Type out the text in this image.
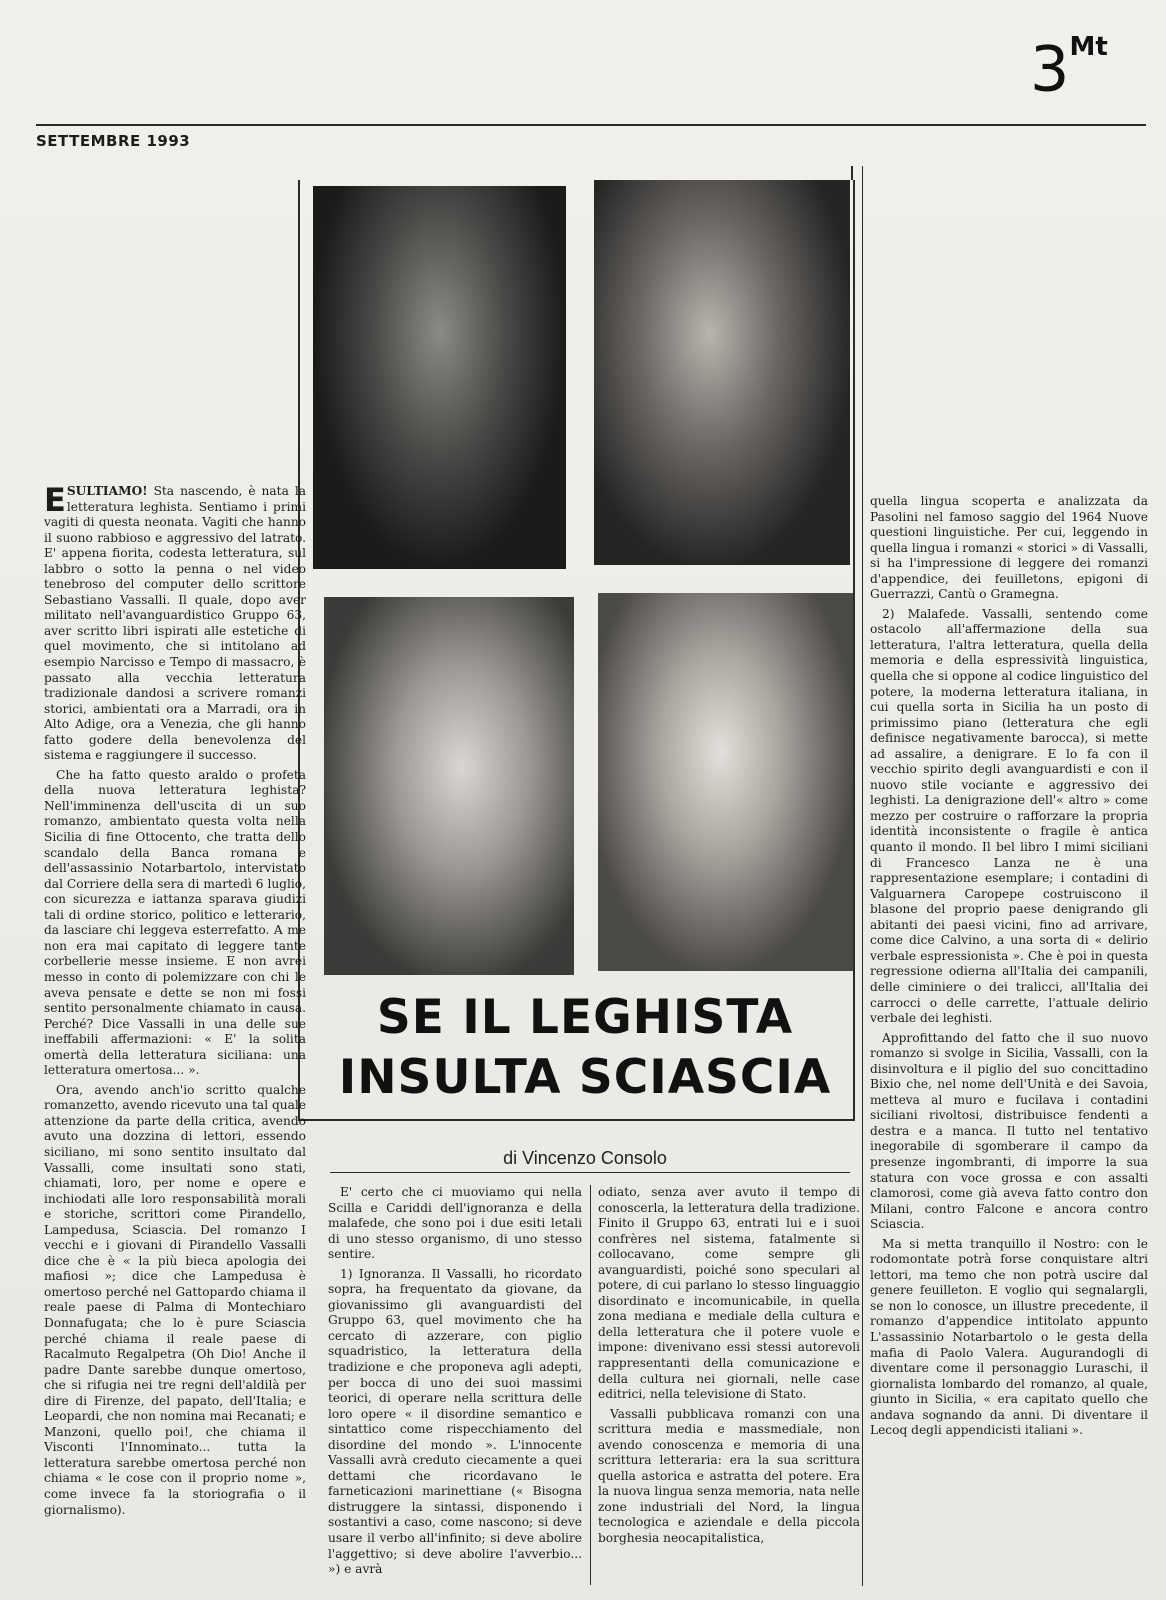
$3^{Mt}$
SETTEMBRE 1993
SE IL LEGHISTA
INSULTA SCIASCIA
di Vincenzo Consolo

ESULTIAMO! Sta nascendo, è nata la letteratura leghista. Sentiamo i primi vagiti di questa neonata. Vagiti che hanno il suono rabbioso e aggressivo del latrato. E' appena fiorita, codesta letteratura, sul labbro o sotto la penna o nel video tenebroso del computer dello scrittore Sebastiano Vassalli. Il quale, dopo aver militato nell'avanguardistico Gruppo 63, aver scritto libri ispirati alle estetiche di quel movimento, che si intitolano ad esempio Narcisso e Tempo di massacro, è passato alla vecchia letteratura tradizionale dandosi a scrivere romanzi storici, ambientati ora a Marradi, ora in Alto Adige, ora a Venezia, che gli hanno fatto godere della benevolenza del sistema e raggiungere il successo.

Che ha fatto questo araldo o profeta della nuova letteratura leghista? Nell'imminenza dell'uscita di un suo romanzo, ambientato questa volta nella Sicilia di fine Ottocento, che tratta dello scandalo della Banca romana e dell'assassinio Notarbartolo, intervistato dal Corriere della sera di martedì 6 luglio, con sicurezza e iattanza sparava giudizi tali di ordine storico, politico e letterario, da lasciare chi leggeva esterrefatto. A me non era mai capitato di leggere tante corbellerie messe insieme. E non avrei messo in conto di polemizzare con chi le aveva pensate e dette se non mi fossi sentito personalmente chiamato in causa. Perché? Dice Vassalli in una delle sue ineffabili affermazioni: « E' la solita omertà della letteratura siciliana: una letteratura omertosa... ».

Ora, avendo anch'io scritto qualche romanzetto, avendo ricevuto una tal quale attenzione da parte della critica, avendo avuto una dozzina di lettori, essendo siciliano, mi sono sentito insultato dal Vassalli, come insultati sono stati, chiamati, loro, per nome e opere e inchiodati alle loro responsabilità morali e storiche, scrittori come Pirandello, Lampedusa, Sciascia. Del romanzo I vecchi e i giovani di Pirandello Vassalli dice che è « la più bieca apologia dei mafiosi »; dice che Lampedusa è omertoso perché nel Gattopardo chiama il reale paese di Palma di Montechiaro Donnafugata; che lo è pure Sciascia perché chiama il reale paese di Racalmuto Regalpetra (Oh Dio! Anche il padre Dante sarebbe dunque omertoso, che si rifugia nei tre regni dell'aldilà per dire di Firenze, del papato, dell'Italia; e Leopardi, che non nomina mai Recanati; e Manzoni, quello poi!, che chiama il Visconti l'Innominato... tutta la letteratura sarebbe omertosa perché non chiama « le cose con il proprio nome », come invece fa la storiografia o il giornalismo).

E' certo che ci muoviamo qui nella Scilla e Cariddi dell'ignoranza e della malafede, che sono poi i due esiti letali di uno stesso organismo, di uno stesso sentire.

1) Ignoranza. Il Vassalli, ho ricordato sopra, ha frequentato da giovane, da giovanissimo gli avanguardisti del Gruppo 63, quel movimento che ha cercato di azzerare, con piglio squadristico, la letteratura della tradizione e che proponeva agli adepti, per bocca di uno dei suoi massimi teorici, di operare nella scrittura delle loro opere « il disordine semantico e sintattico come rispecchiamento del disordine del mondo ». L'innocente Vassalli avrà creduto ciecamente a quei dettami che ricordavano le farneticazioni marinettiane (« Bisogna distruggere la sintassi, disponendo i sostantivi a caso, come nascono; si deve usare il verbo all'infinito; si deve abolire l'aggettivo; si deve abolire l'avverbio... ») e avrà

odiato, senza aver avuto il tempo di conoscerla, la letteratura della tradizione. Finito il Gruppo 63, entrati lui e i suoi confrères nel sistema, fatalmente si collocavano, come sempre gli avanguardisti, poiché sono speculari al potere, di cui parlano lo stesso linguaggio disordinato e incomunicabile, in quella zona mediana e mediale della cultura e della letteratura che il potere vuole e impone: divenivano essi stessi autorevoli rappresentanti della comunicazione e della cultura nei giornali, nelle case editrici, nella televisione di Stato.

Vassalli pubblicava romanzi con una scrittura media e massmediale, non avendo conoscenza e memoria di una scrittura letteraria: era la sua scrittura quella astorica e astratta del potere. Era la nuova lingua senza memoria, nata nelle zone industriali del Nord, la lingua tecnologica e aziendale e della piccola borghesia neocapitalistica,

quella lingua scoperta e analizzata da Pasolini nel famoso saggio del 1964 Nuove questioni linguistiche. Per cui, leggendo in quella lingua i romanzi « storici » di Vassalli, si ha l'impressione di leggere dei romanzi d'appendice, dei feuilletons, epigoni di Guerrazzi, Cantù o Gramegna.

2) Malafede. Vassalli, sentendo come ostacolo all'affermazione della sua letteratura, l'altra letteratura, quella della memoria e della espressività linguistica, quella che si oppone al codice linguistico del potere, la moderna letteratura italiana, in cui quella sorta in Sicilia ha un posto di primissimo piano (letteratura che egli definisce negativamente barocca), si mette ad assalire, a denigrare. E lo fa con il vecchio spirito degli avanguardisti e con il nuovo stile vociante e aggressivo dei leghisti. La denigrazione dell'« altro » come mezzo per costruire o rafforzare la propria identità inconsistente o fragile è antica quanto il mondo. Il bel libro I mimi siciliani di Francesco Lanza ne è una rappresentazione esemplare; i contadini di Valguarnera Caropepe costruiscono il blasone del proprio paese denigrando gli abitanti dei paesi vicini, fino ad arrivare, come dice Calvino, a una sorta di « delirio verbale espressionista ». Che è poi in questa regressione odierna all'Italia dei campanili, delle ciminiere o dei tralicci, all'Italia dei carrocci o delle carrette, l'attuale delirio verbale dei leghisti.

Approfittando del fatto che il suo nuovo romanzo si svolge in Sicilia, Vassalli, con la disinvoltura e il piglio del suo concittadino Bixio che, nel nome dell'Unità e dei Savoia, metteva al muro e fucilava i contadini siciliani rivoltosi, distribuisce fendenti a destra e a manca. Il tutto nel tentativo inegorabile di sgomberare il campo da presenze ingombranti, di imporre la sua statura con voce grossa e con assalti clamorosi, come già aveva fatto contro don Milani, contro Falcone e ancora contro Sciascia.

Ma si metta tranquillo il Nostro: con le rodomontate potrà forse conquistare altri lettori, ma temo che non potrà uscire dal genere feuilleton. E voglio qui segnalargli, se non lo conosce, un illustre precedente, il romanzo d'appendice intitolato appunto L'assassinio Notarbartolo o le gesta della mafia di Paolo Valera. Augurandogli di diventare come il personaggio Luraschi, il giornalista lombardo del romanzo, al quale, giunto in Sicilia, « era capitato quello che andava sognando da anni. Di diventare il Lecoq degli appendicisti italiani ».
